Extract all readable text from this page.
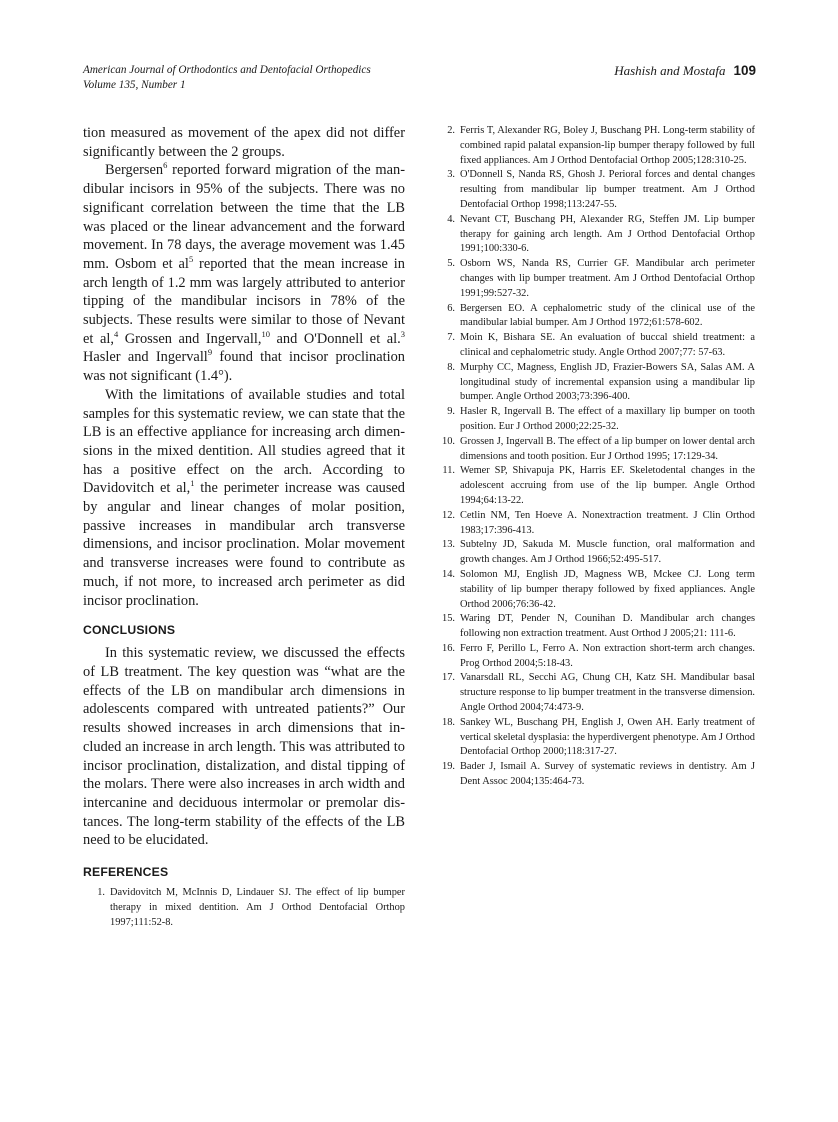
American Journal of Orthodontics and Dentofacial Orthopedics
Volume 135, Number 1
Hashish and Mostafa 109

tion measured as movement of the apex did not differ significantly between the 2 groups.

Bergersen$^6$ reported forward migration of the mandibular incisors in 95% of the subjects. There was no significant correlation between the time that the LB was placed or the linear advancement and the forward movement. In 78 days, the average movement was 1.45 mm. Osbom et $al^5$ reported that the mean increase in arch length of 1.2 mm was largely attributed to anterior tipping of the mandibular incisors in 78% of the subjects. These results were similar to those of Nevant et al,$^4$ Grossen and Ingervall,$^{10}$ and O'Donnell et al.$^3$ Hasler and Ingervall$^9$ found that incisor proclination was not significant (1.4°).

With the limitations of available studies and total samples for this systematic review, we can state that the LB is an effective appliance for increasing arch dimensions in the mixed dentition. All studies agreed that it has a positive effect on the arch. According to Davidovitch et al,$^1$ the perimeter increase was caused by angular and linear changes of molar position, passive increases in mandibular arch transverse dimensions, and incisor proclination. Molar movement and transverse increases were found to contribute as much, if not more, to increased arch perimeter as did incisor proclination.

CONCLUSIONS

In this systematic review, we discussed the effects of LB treatment. The key question was “what are the effects of the LB on mandibular arch dimensions in adolescents compared with untreated patients?” Our results showed increases in arch dimensions that included an increase in arch length. This was attributed to incisor proclination, distalization, and distal tipping of the molars. There were also increases in arch width and intercanine and deciduous intermolar or premolar distances. The long-term stability of the effects of the LB need to be elucidated.

REFERENCES
1. Davidovitch M, McInnis D, Lindauer SJ. The effect of lip bumper therapy in mixed dentition. Am J Orthod Dentofacial Orthop 1997;111:52-8.
2. Ferris T, Alexander RG, Boley J, Buschang PH. Long-term stability of combined rapid palatal expansion-lip bumper therapy followed by full fixed appliances. Am J Orthod Dentofacial Orthop 2005;128:310-25.
3. O'Donnell S, Nanda RS, Ghosh J. Perioral forces and dental changes resulting from mandibular lip bumper treatment. Am J Orthod Dentofacial Orthop 1998;113:247-55.
4. Nevant CT, Buschang PH, Alexander RG, Steffen JM. Lip bumper therapy for gaining arch length. Am J Orthod Dentofacial Orthop 1991;100:330-6.
5. Osborn WS, Nanda RS, Currier GF. Mandibular arch perimeter changes with lip bumper treatment. Am J Orthod Dentofacial Orthop 1991;99:527-32.
6. Bergersen EO. A cephalometric study of the clinical use of the mandibular labial bumper. Am J Orthod 1972;61:578-602.
7. Moin K, Bishara SE. An evaluation of buccal shield treatment: a clinical and cephalometric study. Angle Orthod 2007;77: 57-63.
8. Murphy CC, Magness, English JD, Frazier-Bowers SA, Salas AM. A longitudinal study of incremental expansion using a mandibular lip bumper. Angle Orthod 2003;73:396-400.
9. Hasler R, Ingervall B. The effect of a maxillary lip bumper on tooth position. Eur J Orthod 2000;22:25-32.
10. Grossen J, Ingervall B. The effect of a lip bumper on lower dental arch dimensions and tooth position. Eur J Orthod 1995; 17:129-34.
11. Wemer SP, Shivapuja PK, Harris EF. Skeletodental changes in the adolescent accruing from use of the lip bumper. Angle Orthod 1994;64:13-22.
12. Cetlin NM, Ten Hoeve A. Nonextraction treatment. J Clin Orthod 1983;17:396-413.
13. Subtelny JD, Sakuda M. Muscle function, oral malformation and growth changes. Am J Orthod 1966;52:495-517.
14. Solomon MJ, English JD, Magness WB, Mckee CJ. Long term stability of lip bumper therapy followed by fixed appliances. Angle Orthod 2006;76:36-42.
15. Waring DT, Pender N, Counihan D. Mandibular arch changes following non extraction treatment. Aust Orthod J 2005;21: 111-6.
16. Ferro F, Perillo L, Ferro A. Non extraction short-term arch changes. Prog Orthod 2004;5:18-43.
17. Vanarsdall RL, Secchi AG, Chung CH, Katz SH. Mandibular basal structure response to lip bumper treatment in the transverse dimension. Angle Orthod 2004;74:473-9.
18. Sankey WL, Buschang PH, English J, Owen AH. Early treatment of vertical skeletal dysplasia: the hyperdivergent phenotype. Am J Orthod Dentofacial Orthop 2000;118:317-27.
19. Bader J, Ismail A. Survey of systematic reviews in dentistry. Am J Dent Assoc 2004;135:464-73.
